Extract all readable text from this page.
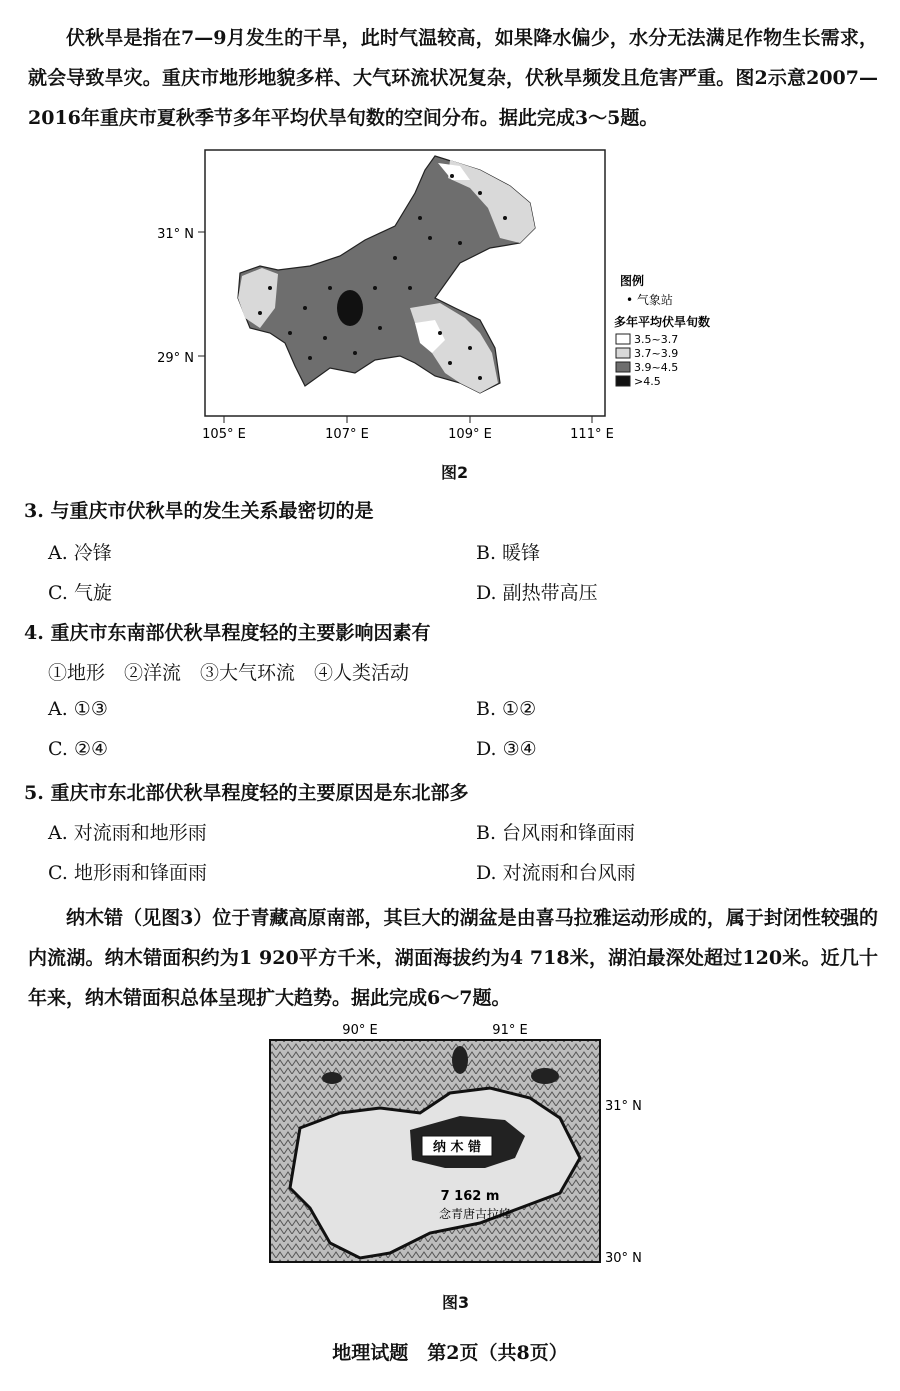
伏秋旱是指在7—9月发生的干旱，此时气温较高，如果降水偏少，水分无法满足作物生长需求，就会导致旱灾。重庆市地形地貌多样、大气环流状况复杂，伏秋旱频发且危害严重。图2示意2007—2016年重庆市夏秋季节多年平均伏旱旬数的空间分布。据此完成3～5题。

31° N
29° N
105° E	107° E	109° E	111° E
图例
• 气象站
多年平均伏旱旬数
3.5~3.7
3.7~3.9
3.9~4.5
>4.5
图2
3. 与重庆市伏秋旱的发生关系最密切的是
A. 冷锋	B. 暖锋
C. 气旋	D. 副热带高压
4. 重庆市东南部伏秋旱程度轻的主要影响因素有
①地形　②洋流　③大气环流　④人类活动
A. ①③	B. ①②
C. ②④	D. ③④
5. 重庆市东北部伏秋旱程度轻的主要原因是东北部多
A. 对流雨和地形雨	B. 台风雨和锋面雨
C. 地形雨和锋面雨	D. 对流雨和台风雨

纳木错（见图3）位于青藏高原南部，其巨大的湖盆是由喜马拉雅运动形成的，属于封闭性较强的内流湖。纳木错面积约为1 920平方千米，湖面海拔约为4 718米，湖泊最深处超过120米。近几十年来，纳木错面积总体呈现扩大趋势。据此完成6～7题。

纳 木 错
7 162 m
念青唐古拉峰
90° E	91° E
31° N
30° N
图3
地理试题　第2页（共8页）
